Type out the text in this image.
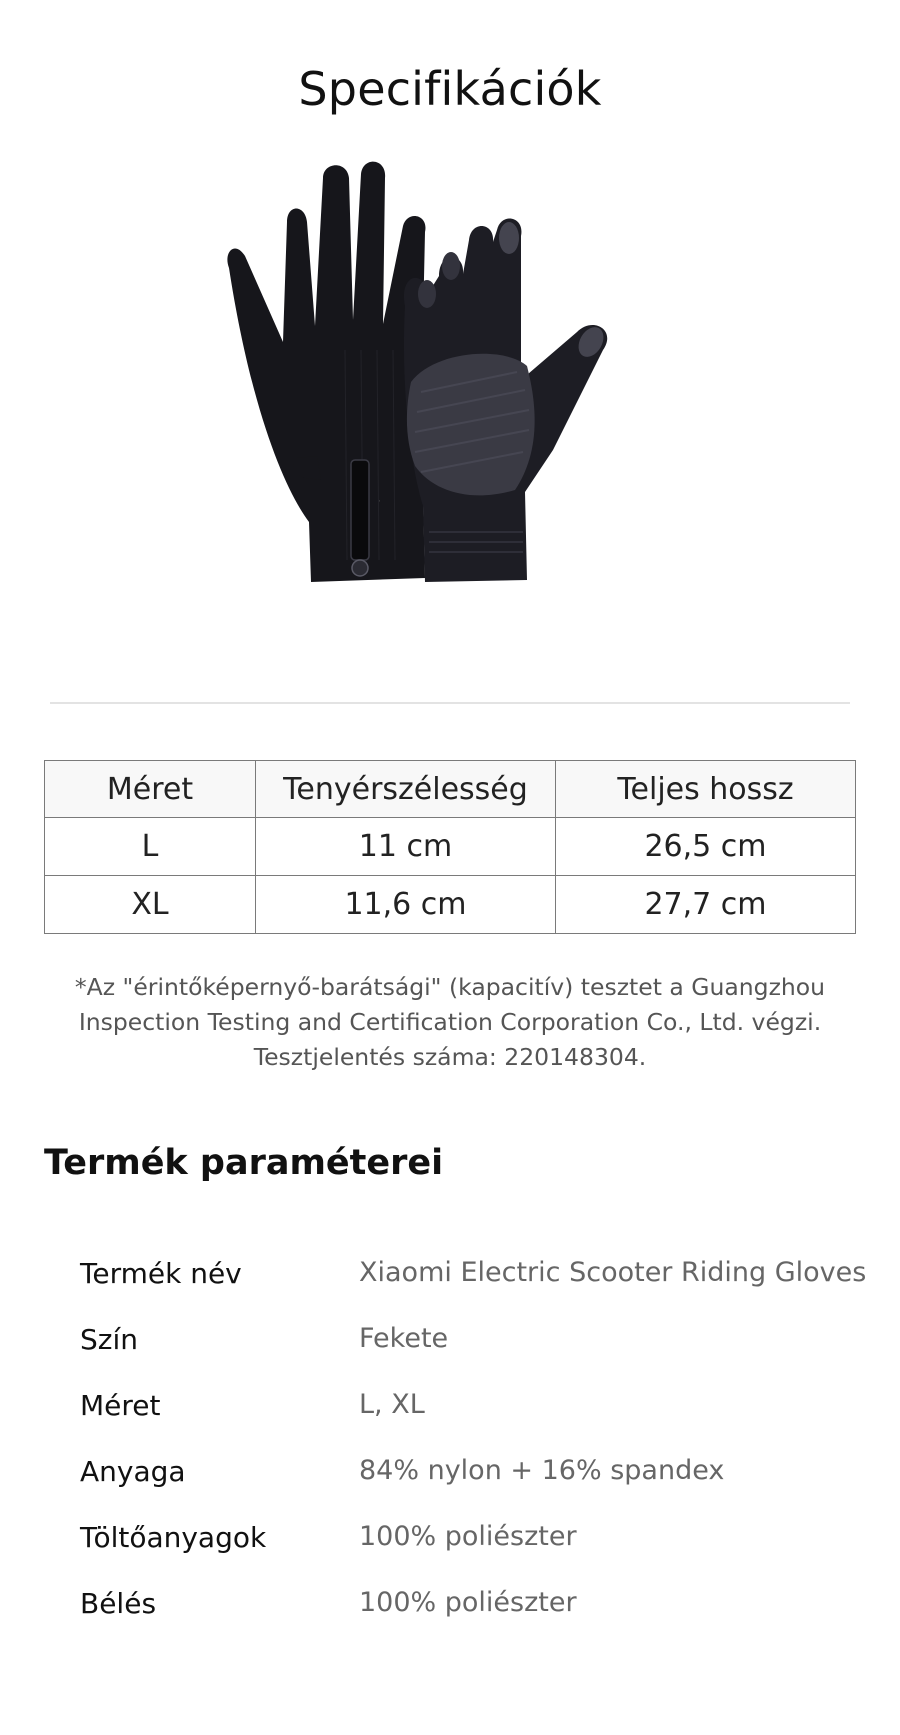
Specifikációk
·
Méret	Tenyérszélesség	Teljes hossz
L	11 cm	26,5 cm
XL	11,6 cm	27,7 cm
*Az "érintőképernyő-barátsági" (kapacitív) tesztet a Guangzhou
Inspection Testing and Certification Corporation Co., Ltd. végzi.
Tesztjelentés száma: 220148304.
Termék paraméterei
Termék név	Xiaomi Electric Scooter Riding Gloves
Szín	Fekete
Méret	L, XL
Anyaga	84% nylon + 16% spandex
Töltőanyagok	100% poliészter
Bélés	100% poliészter
